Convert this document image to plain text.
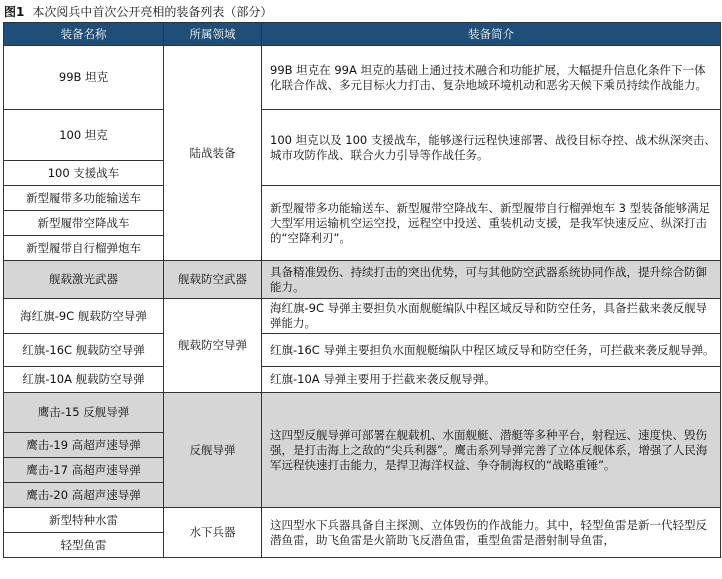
图1 本次阅兵中首次公开亮相的装备列表（部分）
装备名称	所属领域	装备简介
99B 坦克	陆战装备	99B 坦克在 99A 坦克的基础上通过技术融合和功能扩展，大幅提升信息化条件下一体化联合作战、多元目标火力打击、复杂地域环境机动和恶劣天候下乘员持续作战能力。
100 坦克		100 坦克以及 100 支援战车，能够遂行远程快速部署、战役目标夺控、战术纵深突击、城市攻防作战、联合火力引导等作战任务。
100 支援战车		
新型履带多功能输送车		新型履带多功能输送车、新型履带空降战车、新型履带自行榴弹炮车 3 型装备能够满足大型军用运输机空运空投，远程空中投送、重装机动支援，是我军快速反应、纵深打击的“空降利刃”。
新型履带空降战车		
新型履带自行榴弹炮车		
舰载激光武器	舰载防空武器	具备精准毁伤、持续打击的突出优势，可与其他防空武器系统协同作战，提升综合防御能力。
海红旗-9C 舰载防空导弹	舰载防空导弹	海红旗-9C 导弹主要担负水面舰艇编队中程区域反导和防空任务，具备拦截来袭反舰导弹能力。
红旗-16C 舰载防空导弹		红旗-16C 导弹主要担负水面舰艇编队中程区域反导和防空任务，可拦截来袭反舰导弹。
红旗-10A 舰载防空导弹		红旗-10A 导弹主要用于拦截来袭反舰导弹。
鹰击-15 反舰导弹	反舰导弹	这四型反舰导弹可部署在舰载机、水面舰艇、潜艇等多种平台，射程远、速度快、毁伤强，是打击海上之敌的“尖兵利器”。鹰击系列导弹完善了立体反舰体系，增强了人民海军远程快速打击能力，是捍卫海洋权益、争夺制海权的“战略重锤”。
鹰击-19 高超声速导弹		
鹰击-17 高超声速导弹		
鹰击-20 高超声速导弹		
新型特种水雷	水下兵器	这四型水下兵器具备自主探测、立体毁伤的作战能力。其中，轻型鱼雷是新一代轻型反潜鱼雷，助飞鱼雷是火箭助飞反潜鱼雷，重型鱼雷是潜射制导鱼雷，
轻型鱼雷		
